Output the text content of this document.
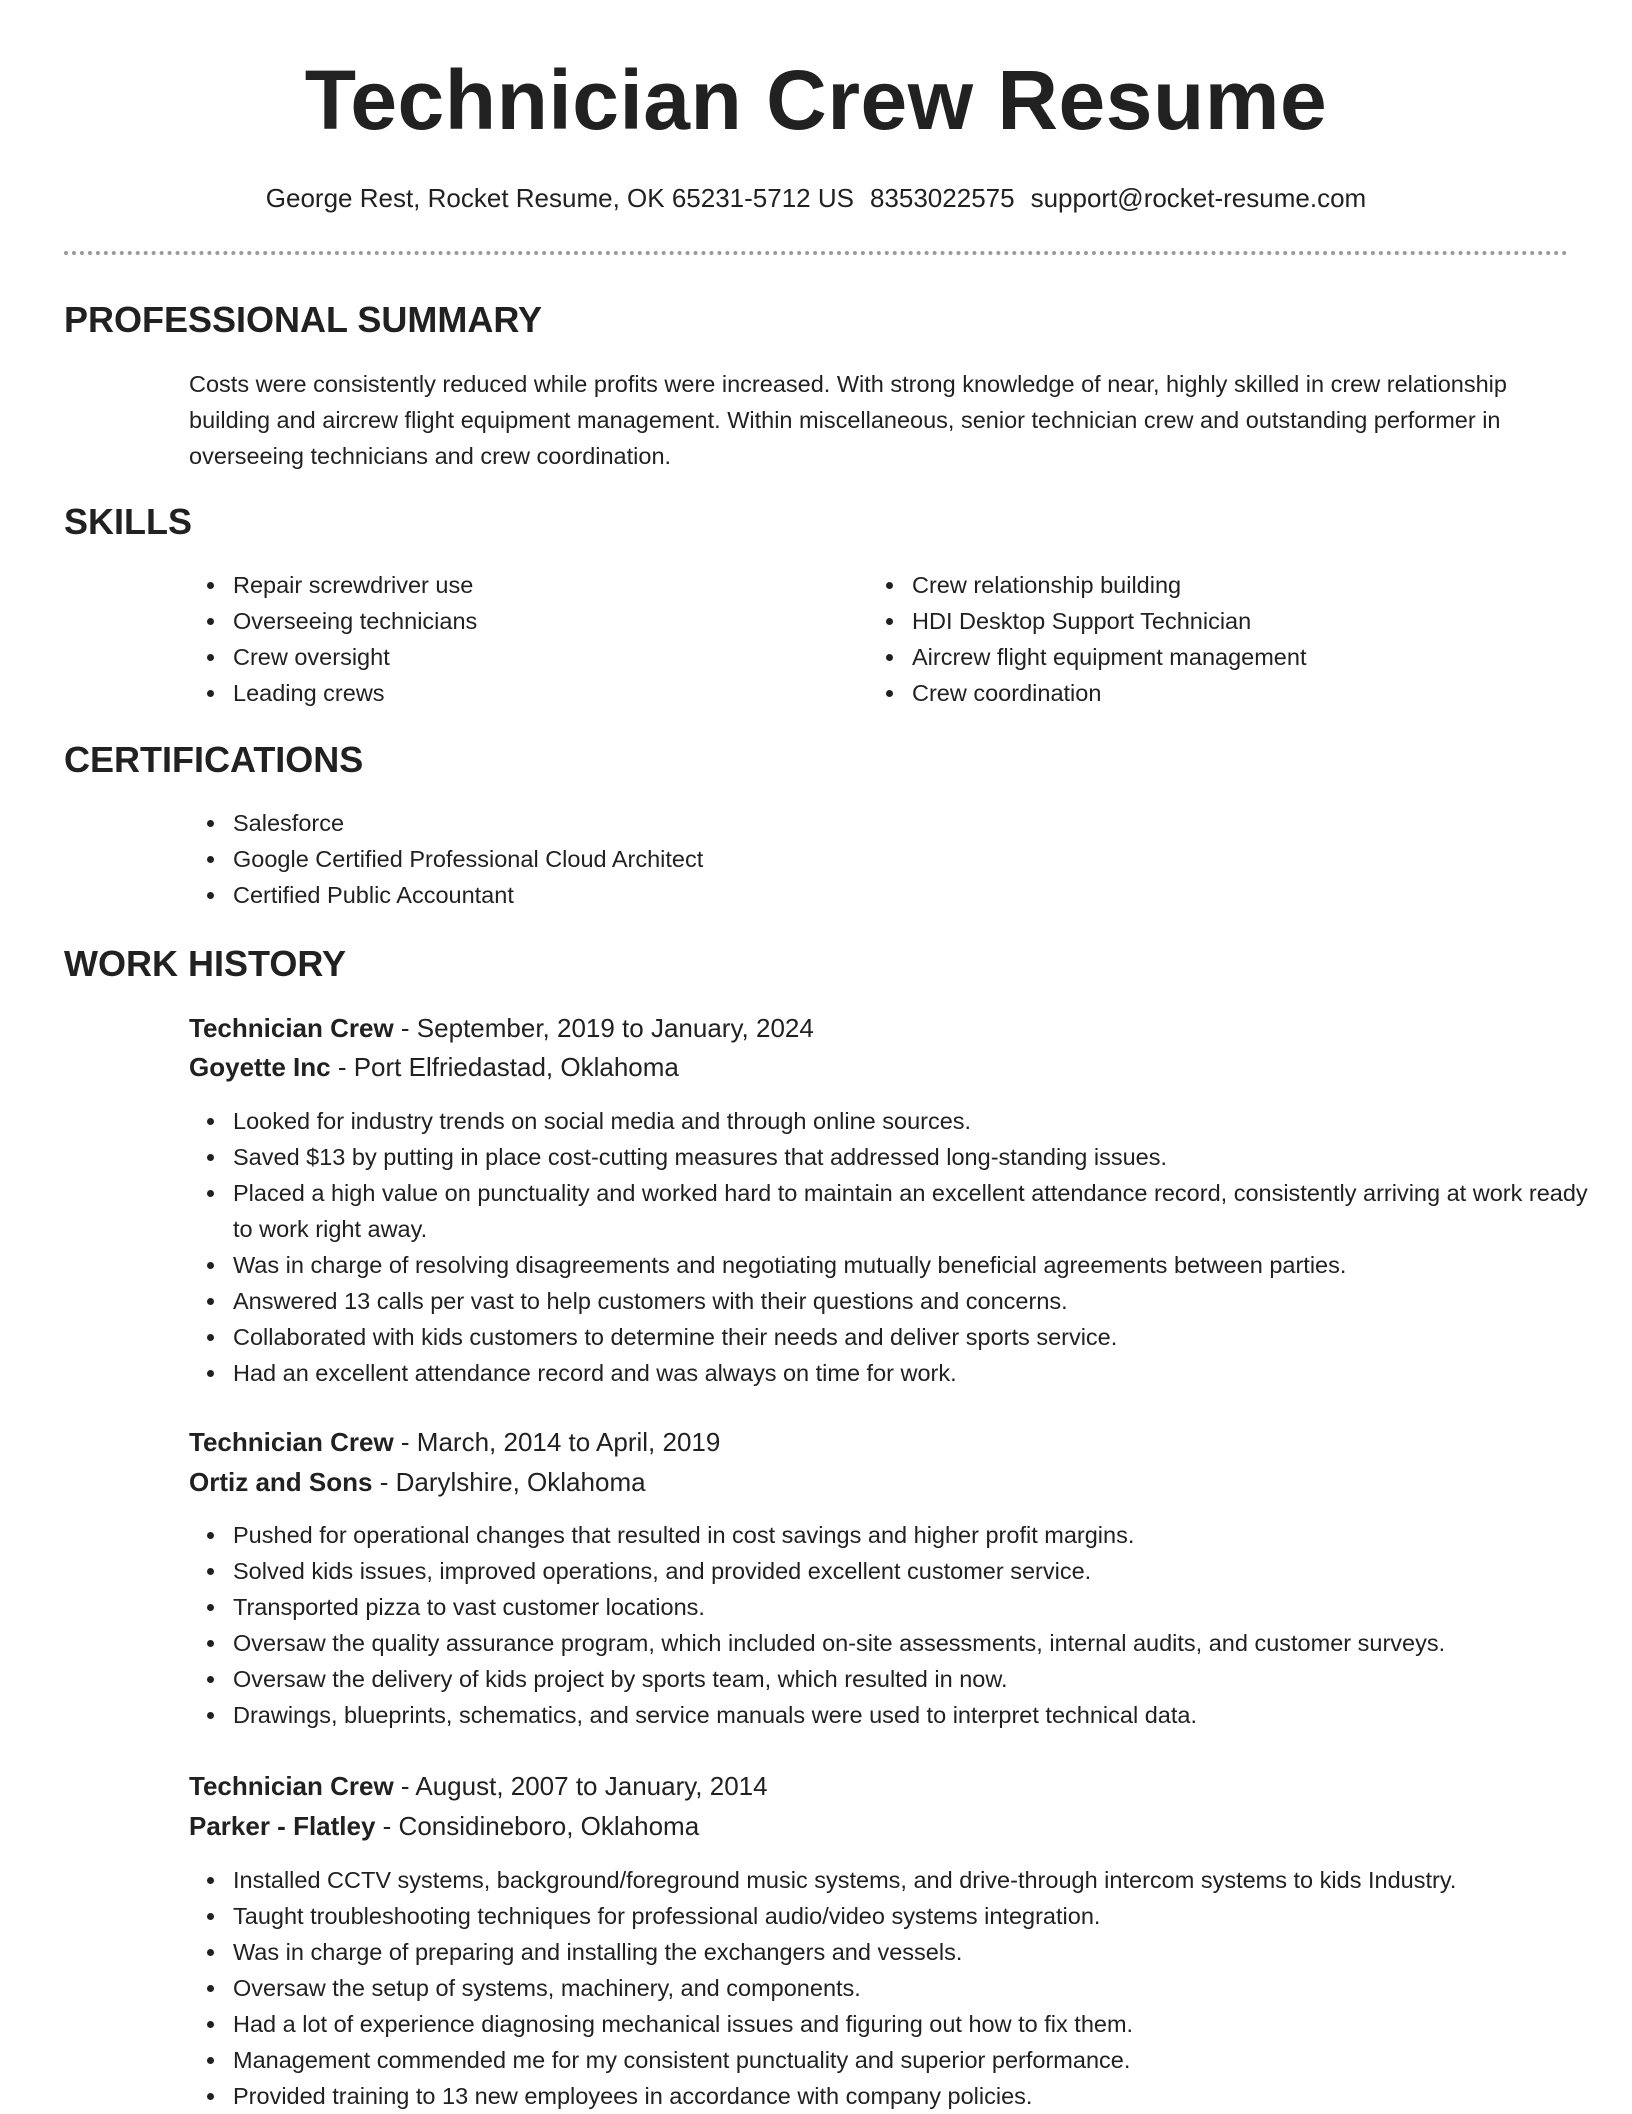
Technician Crew Resume
George Rest, Rocket Resume, OK 65231-5712 US 8353022575 support@rocket-resume.com
PROFESSIONAL SUMMARY

Costs were consistently reduced while profits were increased. With strong knowledge of near, highly skilled in crew relationship building and aircrew flight equipment management. Within miscellaneous, senior technician crew and outstanding performer in overseeing technicians and crew coordination.

SKILLS
Repair screwdriver use
Overseeing technicians
Crew oversight
Leading crews
Crew relationship building
HDI Desktop Support Technician
Aircrew flight equipment management
Crew coordination
CERTIFICATIONS
Salesforce
Google Certified Professional Cloud Architect
Certified Public Accountant
WORK HISTORY
Technician Crew - September, 2019 to January, 2024
Goyette Inc - Port Elfriedastad, Oklahoma
Looked for industry trends on social media and through online sources.
Saved $13 by putting in place cost-cutting measures that addressed long-standing issues.
Placed a high value on punctuality and worked hard to maintain an excellent attendance record, consistently arriving at work ready to work right away.
Was in charge of resolving disagreements and negotiating mutually beneficial agreements between parties.
Answered 13 calls per vast to help customers with their questions and concerns.
Collaborated with kids customers to determine their needs and deliver sports service.
Had an excellent attendance record and was always on time for work.
Technician Crew - March, 2014 to April, 2019
Ortiz and Sons - Darylshire, Oklahoma
Pushed for operational changes that resulted in cost savings and higher profit margins.
Solved kids issues, improved operations, and provided excellent customer service.
Transported pizza to vast customer locations.
Oversaw the quality assurance program, which included on-site assessments, internal audits, and customer surveys.
Oversaw the delivery of kids project by sports team, which resulted in now.
Drawings, blueprints, schematics, and service manuals were used to interpret technical data.
Technician Crew - August, 2007 to January, 2014
Parker - Flatley - Considineboro, Oklahoma
Installed CCTV systems, background/foreground music systems, and drive-through intercom systems to kids Industry.
Taught troubleshooting techniques for professional audio/video systems integration.
Was in charge of preparing and installing the exchangers and vessels.
Oversaw the setup of systems, machinery, and components.
Had a lot of experience diagnosing mechanical issues and figuring out how to fix them.
Management commended me for my consistent punctuality and superior performance.
Provided training to 13 new employees in accordance with company policies.
